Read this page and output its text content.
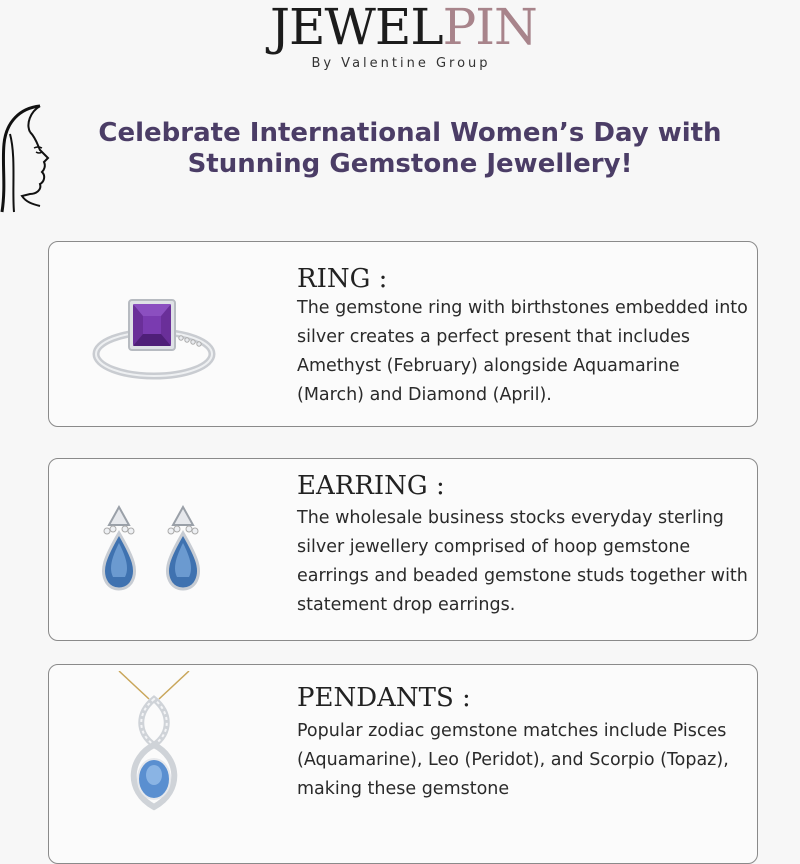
JEWELPIN
By Valentine Group
Celebrate International Women’s Day with
Stunning Gemstone Jewellery!
RING :
The gemstone ring with birthstones embedded into silver creates a perfect present that includes Amethyst (February) alongside Aquamarine (March) and Diamond (April).
EARRING :
The wholesale business stocks everyday sterling silver jewellery comprised of hoop gemstone earrings and beaded gemstone studs together with statement drop earrings.
PENDANTS :
Popular zodiac gemstone matches include Pisces (Aquamarine), Leo (Peridot), and Scorpio (Topaz), making these gemstone
